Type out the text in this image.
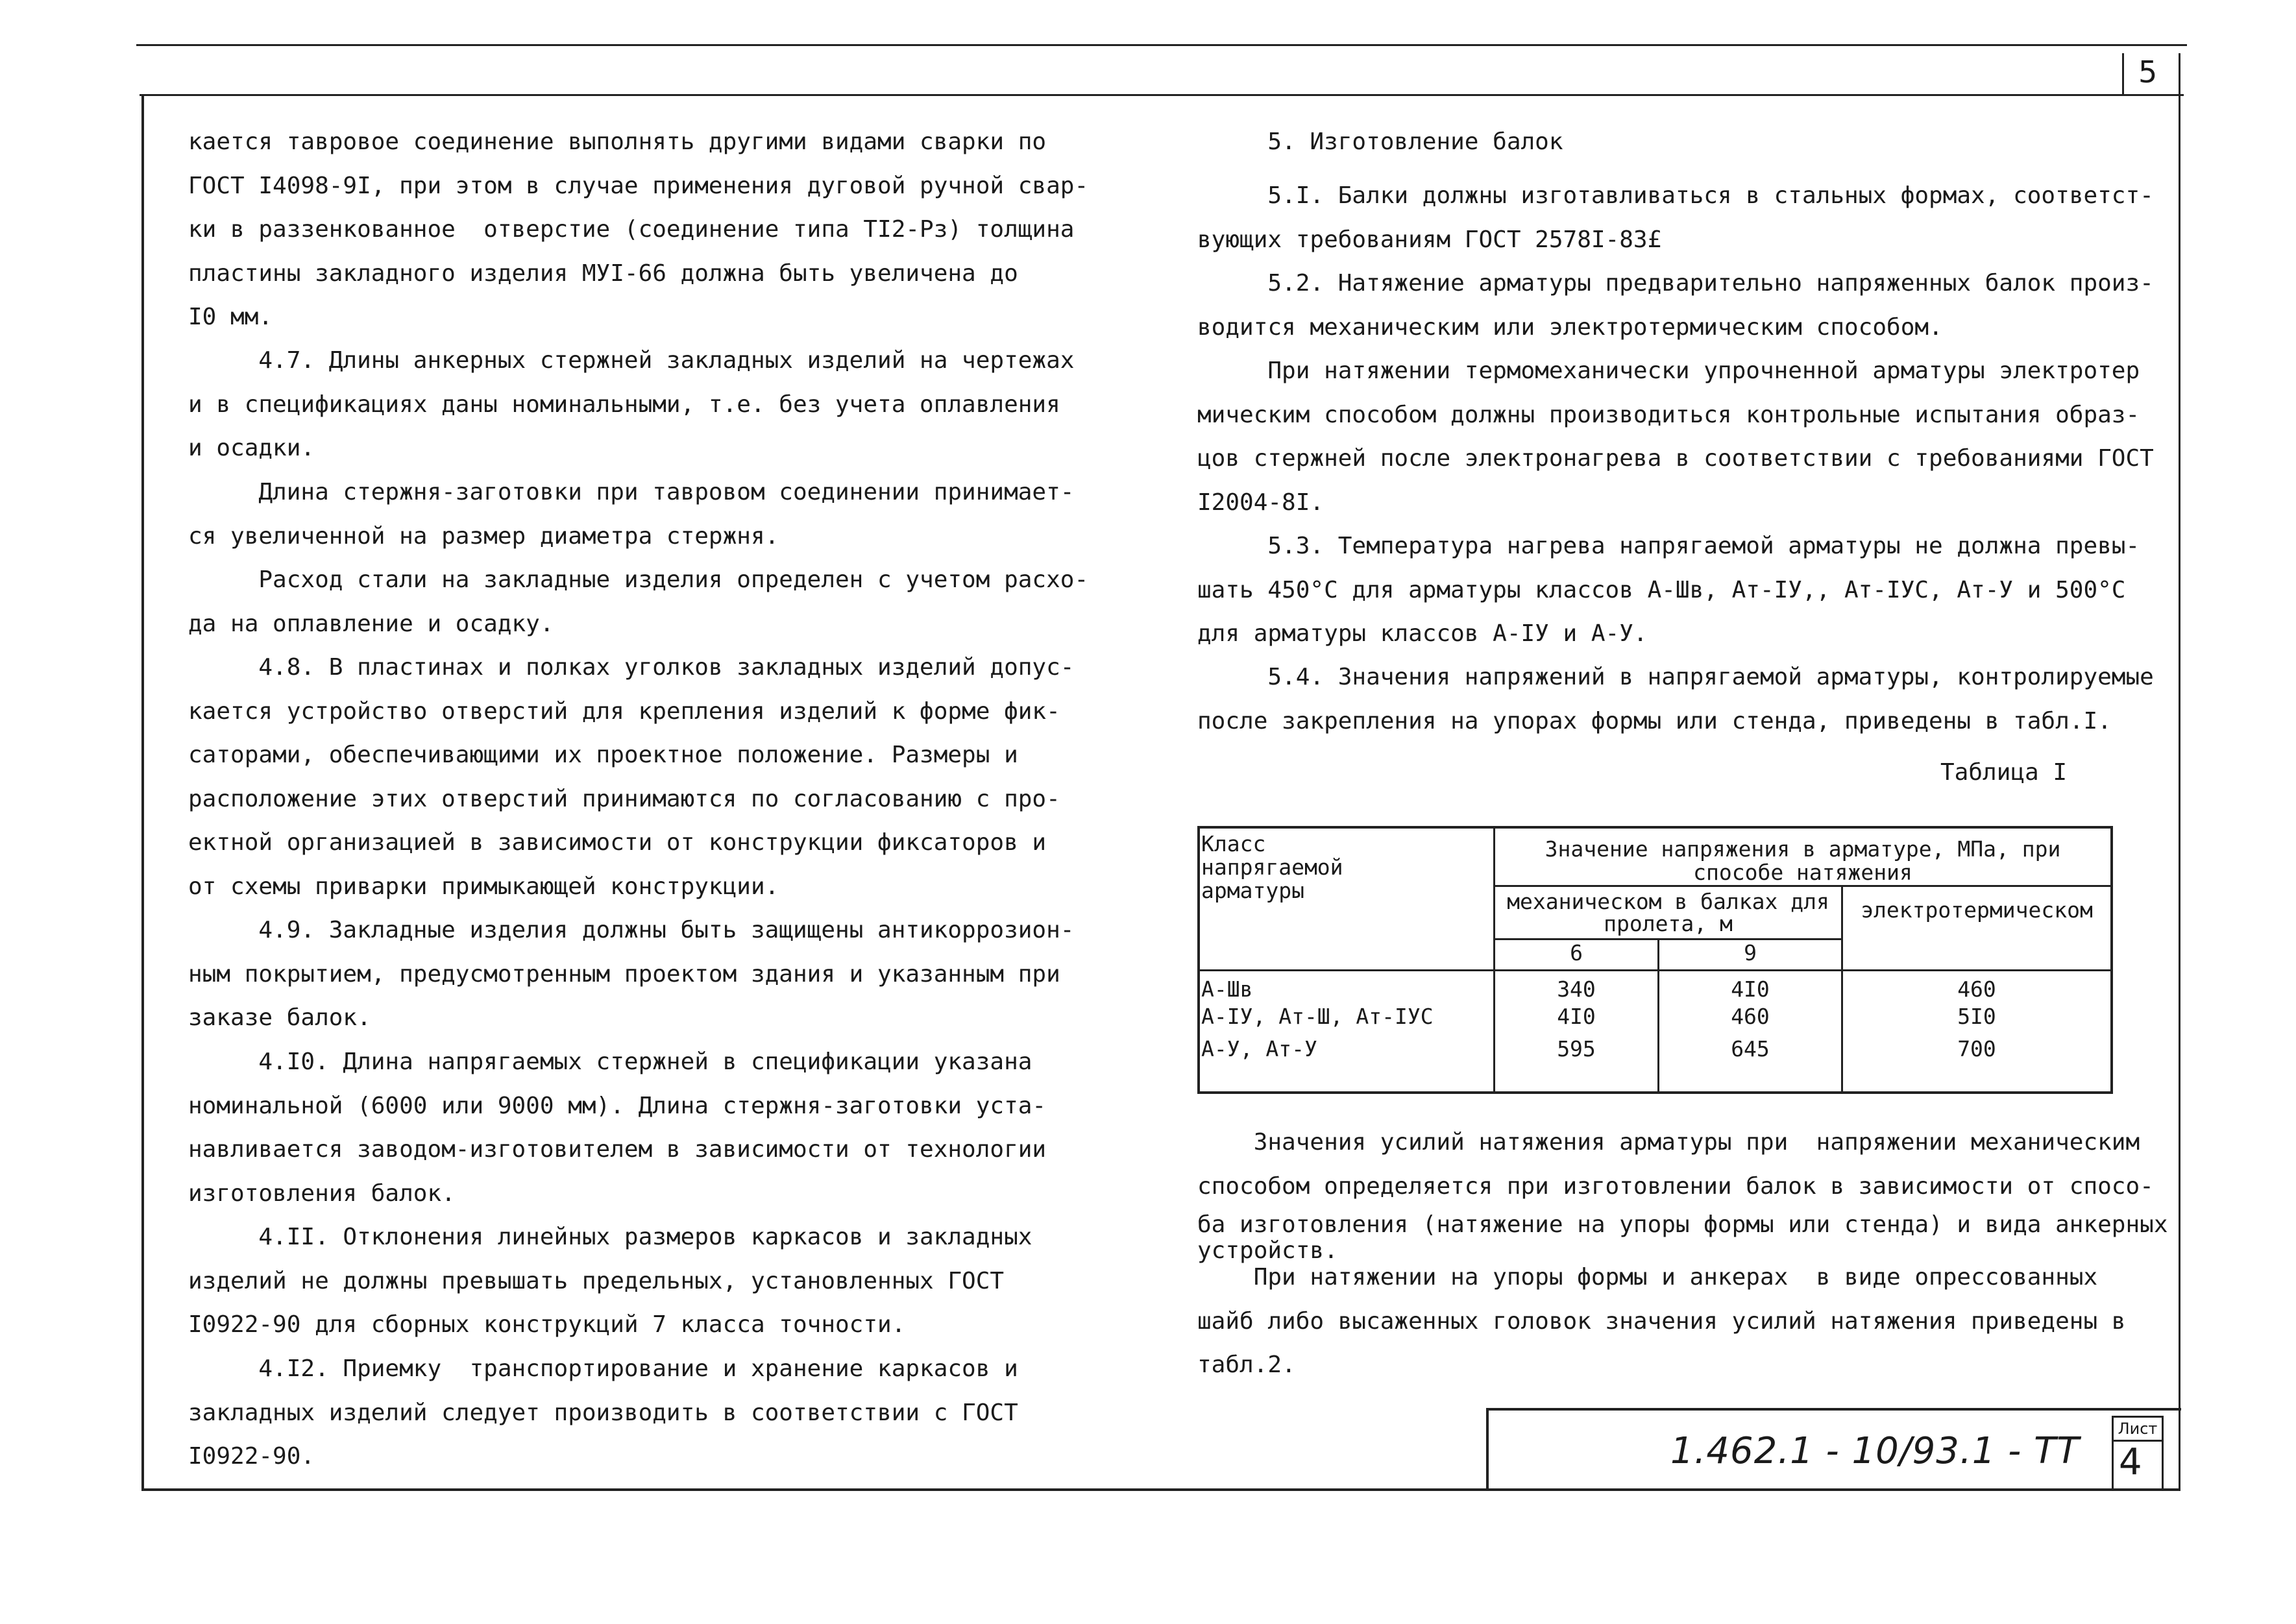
5
кается тавровое соединение выполнять другими видами сварки по
ГОСТ I4098-9I, при этом в случае применения дуговой ручной свар-
ки в раззенкованное  отверстие (соединение типа TI2-Рз) толщина
пластины закладного изделия МУI-66 должна быть увеличена до
I0 мм.
4.7. Длины анкерных стержней закладных изделий на чертежах
и в спецификациях даны номинальными, т.е. без учета оплавления
и осадки.
Длина стержня-заготовки при тавровом соединении принимает-
ся увеличенной на размер диаметра стержня.
Расход стали на закладные изделия определен с учетом расхо-
да на оплавление и осадку.
4.8. В пластинах и полках уголков закладных изделий допус-
кается устройство отверстий для крепления изделий к форме фик-
саторами, обеспечивающими их проектное положение. Размеры и
расположение этих отверстий принимаются по согласованию с про-
ектной организацией в зависимости от конструкции фиксаторов и
от схемы приварки примыкающей конструкции.
4.9. Закладные изделия должны быть защищены антикоррозион-
ным покрытием, предусмотренным проектом здания и указанным при
заказе балок.
4.I0. Длина напрягаемых стержней в спецификации указана
номинальной (6000 или 9000 мм). Длина стержня-заготовки уста-
навливается заводом-изготовителем в зависимости от технологии
изготовления балок.
4.II. Отклонения линейных размеров каркасов и закладных
изделий не должны превышать предельных, установленных ГОСТ
I0922-90 для сборных конструкций 7 класса точности.
4.I2. Приемку  транспортирование и хранение каркасов и
закладных изделий следует производить в соответствии с ГОСТ
I0922-90.
5. Изготовление балок
5.I. Балки должны изготавливаться в стальных формах, соответст-
вующих требованиям ГОСТ 2578I-83£
5.2. Натяжение арматуры предварительно напряженных балок произ-
водится механическим или электротермическим способом.
При натяжении термомеханически упрочненной арматуры электротер
мическим способом должны производиться контрольные испытания образ-
цов стержней после электронагрева в соответствии с требованиями ГОСТ
I2004-8I.
5.3. Температура нагрева напрягаемой арматуры не должна превы-
шать 450°С для арматуры классов А-Шв, Ат-IУ,, Ат-IУС, Ат-У и 500°С
для арматуры классов А-IУ и А-У.
5.4. Значения напряжений в напрягаемой арматуры, контролируемые
после закрепления на упорах формы или стенда, приведены в табл.I.
Таблица I
Класс
напрягаемой
арматуры	Значение напряжения в арматуре, МПа, при
способе натяжения		

	механическом в балках для
пролета, м		электротермическом
	6	9	
А-Шв	340	4I0	460
А-IУ, Ат-Ш, Ат-IУС	4I0	460	5I0
А-У, Ат-У	595	645	700
Значения усилий натяжения арматуры при  напряжении механическим
способом определяется при изготовлении балок в зависимости от спосо-
ба изготовления (натяжение на упоры формы или стенда) и вида анкерных
устройств.
При натяжении на упоры формы и анкерах  в виде опрессованных
шайб либо высаженных головок значения усилий натяжения приведены в
табл.2.
1.462.1 - 10/93.1 - TT
Лист
4
